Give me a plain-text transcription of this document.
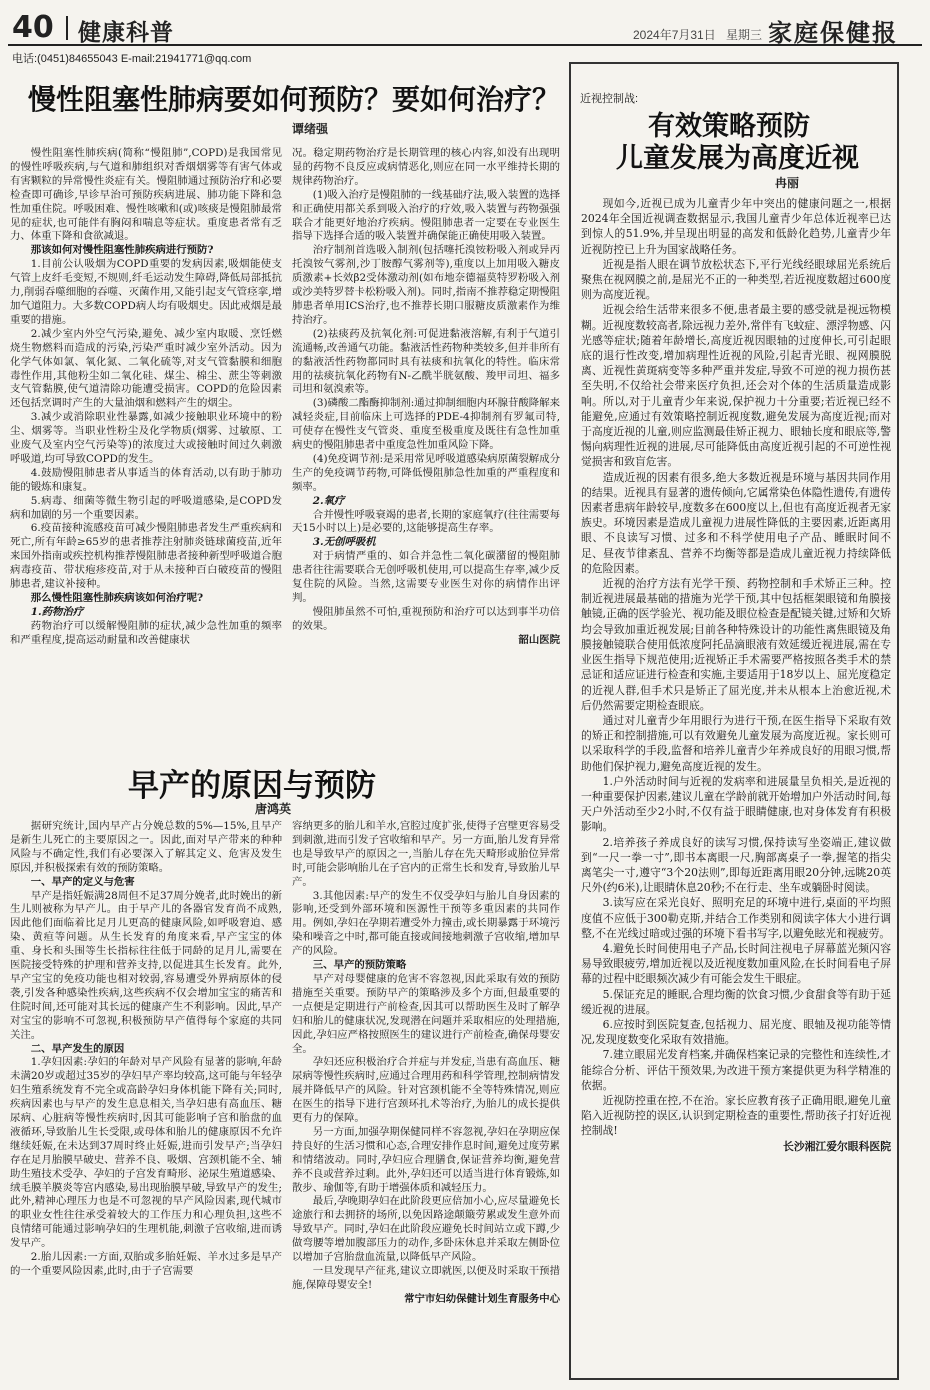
40 健康科普	2024年7月31日 星期三 家庭保健报
电话:(0451)84655043 E-mail:21941771@qq.com
慢性阻塞性肺病要如何预防？要如何治疗？
谭绪强

慢性阻塞性肺疾病(简称“慢阻肺”,COPD)是我国常见的慢性呼吸疾病,与气道和肺组织对香烟烟雾等有害气体或有害颗粒的异常慢性炎症有关。慢阻肺通过预防治疗和必要检查即可确诊,早诊早治可预防疾病进展、肺功能下降和急性加重住院。呼吸困难、慢性咳嗽和(或)咳痰是慢阻肺最常见的症状,也可能伴有胸闷和喘息等症状。重度患者常有乏力、体重下降和食欲减退。

那该如何对慢性阻塞性肺疾病进行预防?

1.目前公认吸烟为COPD重要的发病因素,吸烟能使支气管上皮纤毛变短,不规则,纤毛运动发生障碍,降低局部抵抗力,削弱吞噬细胞的吞噬、灭菌作用,又能引起支气管痉挛,增加气道阻力。大多数COPD病人均有吸烟史。因此戒烟是最重要的措施。

2.减少室内外空气污染,避免、减少室内取暖、烹饪燃烧生物燃料而造成的污染,污染严重时减少室外活动。因为化学气体如氯、氧化氮、二氧化硫等,对支气管黏膜和细胞毒性作用,其他粉尘如二氧化硅、煤尘、棉尘、蔗尘等刺激支气管黏膜,使气道清除功能遭受损害。COPD的危险因素还包括烹调时产生的大量油烟和燃料产生的烟尘。

3.减少或消除职业性暴露,如减少接触职业环境中的粉尘、烟雾等。当职业性粉尘及化学物质(烟雾、过敏原、工业废气及室内空气污染等)的浓度过大或接触时间过久刺激呼吸道,均可导致COPD的发生。

4.鼓励慢阻肺患者从事适当的体育活动,以有助于肺功能的锻炼和康复。

5.病毒、细菌等微生物引起的呼吸道感染,是COPD发病和加剧的另一个重要因素。

6.疫苗接种流感疫苗可减少慢阻肺患者发生严重疾病和死亡,所有年龄≥65岁的患者推荐注射肺炎链球菌疫苗,近年来国外指南或疾控机构推荐慢阻肺患者接种新型呼吸道合胞病毒疫苗、带状疱疹疫苗,对于从未接种百白破疫苗的慢阻肺患者,建议补接种。

那么慢性阻塞性肺疾病该如何治疗呢?

1.药物治疗

药物治疗可以缓解慢阻肺的症状,减少急性加重的频率和严重程度,提高运动耐量和改善健康状

况。稳定期药物治疗是长期管理的核心内容,如没有出现明显的药物不良反应或病情恶化,则应在同一水平维持长期的规律药物治疗。

(1)吸入治疗是慢阻肺的一线基础疗法,吸入装置的选择和正确使用都关系到吸入治疗的疗效,吸入装置与药物强强联合才能更好地治疗疾病。慢阻肺患者一定要在专业医生指导下选择合适的吸入装置并确保能正确使用吸入装置。

治疗制剂首选吸入制剂(包括噻托溴铵粉吸入剂或异丙托溴铵气雾剂,沙丁胺醇气雾剂等),重度以上加用吸入糖皮质激素+长效β2受体激动剂(如布地奈德福莫特罗粉吸入剂或沙美特罗替卡松粉吸入剂)。同时,指南不推荐稳定期慢阻肺患者单用ICS治疗,也不推荐长期口服糖皮质激素作为维持治疗。

(2)祛痰药及抗氧化剂:可促进黏液溶解,有利于气道引流通畅,改善通气功能。黏液活性药物种类较多,但并非所有的黏液活性药物都同时具有祛痰和抗氧化的特性。临床常用的祛痰抗氧化药物有N-乙酰半胱氨酸、羧甲司坦、福多司坦和氨溴索等。

(3)磷酸二酯酶抑制剂:通过抑制细胞内环腺苷酸降解来减轻炎症,目前临床上可选择的PDE-4抑制剂有罗氟司特,可使存在慢性支气管炎、重度至极重度及既往有急性加重病史的慢阻肺患者中重度急性加重风险下降。

(4)免疫调节剂:是采用常见呼吸道感染病原菌裂解成分生产的免疫调节药物,可降低慢阻肺急性加重的严重程度和频率。

2.氧疗

合并慢性呼吸衰竭的患者,长期的家庭氧疗(往往需要每天15小时以上)是必要的,这能够提高生存率。

3.无创呼吸机

对于病情严重的、如合并急性二氧化碳潴留的慢阻肺患者往往需要联合无创呼吸机使用,可以提高生存率,减少反复住院的风险。当然,这需要专业医生对你的病情作出评判。

慢阻肺虽然不可怕,重视预防和治疗可以达到事半功倍的效果。

韶山医院

早产的原因与预防
唐鸿英

据研究统计,国内早产占分娩总数的5%—15%,且早产是新生儿死亡的主要原因之一。因此,面对早产带来的种种风险与不确定性,我们有必要深入了解其定义、危害及发生原因,并积极探索有效的预防策略。

一、早产的定义与危害

早产是指妊娠满28周但不足37周分娩者,此时娩出的新生儿则被称为早产儿。由于早产儿的各器官发育尚不成熟,因此他们面临着比足月儿更高的健康风险,如呼吸窘迫、感染、黄疸等问题。从生长发育的角度来看,早产宝宝的体重、身长和头围等生长指标往往低于同龄的足月儿,需要在医院接受特殊的护理和营养支持,以促进其生长发育。此外,早产宝宝的免疫功能也相对较弱,容易遭受外界病原体的侵袭,引发各种感染性疾病,这些疾病不仅会增加宝宝的痛苦和住院时间,还可能对其长远的健康产生不利影响。因此,早产对宝宝的影响不可忽视,积极预防早产值得每个家庭的共同关注。

二、早产发生的原因

1.孕妇因素:孕妇的年龄对早产风险有显著的影响,年龄未满20岁或超过35岁的孕妇早产率均较高,这可能与年轻孕妇生殖系统发育不完全或高龄孕妇身体机能下降有关;同时,疾病因素也与早产的发生息息相关,当孕妇患有高血压、糖尿病、心脏病等慢性疾病时,因其可能影响子宫和胎盘的血液循环,导致胎儿生长受限,或母体和胎儿的健康原因不允许继续妊娠,在未达到37周时终止妊娠,进而引发早产;当孕妇存在足月胎膜早破史、营养不良、吸烟、宫颈机能不全、辅助生殖技术受孕、孕妇的子宫发育畸形、泌尿生殖道感染、绒毛膜羊膜炎等宫内感染,易出现胎膜早破,导致早产的发生;此外,精神心理压力也是不可忽视的早产风险因素,现代城市的职业女性往往承受着较大的工作压力和心理负担,这些不良情绪可能通过影响孕妇的生理机能,刺激子宫收缩,进而诱发早产。

2.胎儿因素:一方面,双胎或多胎妊娠、羊水过多是早产的一个重要风险因素,此时,由于子宫需要

容纳更多的胎儿和羊水,宫腔过度扩张,使得子宫壁更容易受到刺激,进而引发子宫收缩和早产。另一方面,胎儿发育异常也是导致早产的原因之一,当胎儿存在先天畸形或胎位异常时,可能会影响胎儿在子宫内的正常生长和发育,导致胎儿早产。

3.其他因素:早产的发生不仅受孕妇与胎儿自身因素的影响,还受到外部环境和医源性干预等多重因素的共同作用。例如,孕妇在孕期若遭受外力撞击,或长期暴露于环境污染和噪音之中时,都可能直接或间接地刺激子宫收缩,增加早产的风险。

三、早产的预防策略

早产对母婴健康的危害不容忽视,因此采取有效的预防措施至关重要。预防早产的策略涉及多个方面,但最重要的一点便是定期进行产前检查,因其可以帮助医生及时了解孕妇和胎儿的健康状况,发现潜在问题并采取相应的处理措施,因此,孕妇应严格按照医生的建议进行产前检查,确保母婴安全。

孕妇还应积极治疗合并症与并发症,当患有高血压、糖尿病等慢性疾病时,应通过合理用药和科学管理,控制病情发展并降低早产的风险。针对宫颈机能不全等特殊情况,则应在医生的指导下进行宫颈环扎术等治疗,为胎儿的成长提供更有力的保障。

另一方面,加强孕期保健同样不容忽视,孕妇在孕期应保持良好的生活习惯和心态,合理安排作息时间,避免过度劳累和情绪波动。同时,孕妇应合理膳食,保证营养均衡,避免营养不良或营养过剩。此外,孕妇还可以适当进行体育锻炼,如散步、瑜伽等,有助于增强体质和减轻压力。

最后,孕晚期孕妇在此阶段更应倍加小心,应尽量避免长途旅行和去拥挤的场所,以免因路途颠簸劳累或发生意外而导致早产。同时,孕妇在此阶段应避免长时间站立或下蹲,少做弯腰等增加腹部压力的动作,多卧床休息并采取左侧卧位以增加子宫胎盘血流量,以降低早产风险。

一旦发现早产征兆,建议立即就医,以便及时采取干预措施,保障母婴安全!

常宁市妇幼保健计划生育服务中心

近视控制战:
有效策略预防
儿童发展为高度近视
冉丽

现如今,近视已成为儿童青少年中突出的健康问题之一,根据2024年全国近视调查数据显示,我国儿童青少年总体近视率已达到惊人的51.9%,并呈现出明显的高发和低龄化趋势,儿童青少年近视防控已上升为国家战略任务。

近视是指人眼在调节放松状态下,平行光线经眼球屈光系统后聚焦在视网膜之前,是屈光不正的一种类型,若近视度数超过600度则为高度近视。

近视会给生活带来很多不便,患者最主要的感受就是视远物模糊。近视度数较高者,除远视力差外,常伴有飞蚊症、漂浮物感、闪光感等症状;随着年龄增长,高度近视因眼轴的过度伸长,可引起眼底的退行性改变,增加病理性近视的风险,引起青光眼、视网膜脱离、近视性黄斑病变等多种严重并发症,导致不可逆的视力损伤甚至失明,不仅给社会带来医疗负担,还会对个体的生活质量造成影响。所以,对于儿童青少年来说,保护视力十分重要;若近视已经不能避免,应通过有效策略控制近视度数,避免发展为高度近视;而对于高度近视的儿童,则应监测最佳矫正视力、眼轴长度和眼底等,警惕向病理性近视的进展,尽可能降低由高度近视引起的不可逆性视觉损害和致盲危害。

造成近视的因素有很多,绝大多数近视是环境与基因共同作用的结果。近视具有显著的遗传倾向,它属常染色体隐性遗传,有遗传因素者患病年龄较早,度数多在600度以上,但也有高度近视者无家族史。环境因素是造成儿童视力进展性降低的主要因素,近距离用眼、不良读写习惯、过多和不科学使用电子产品、睡眠时间不足、昼夜节律紊乱、营养不均衡等都是造成儿童近视力持续降低的危险因素。

近视的治疗方法有光学干预、药物控制和手术矫正三种。控制近视进展最基础的措施为光学干预,其中包括框架眼镜和角膜接触镜,正确的医学验光、视功能及眼位检查是配镜关键,过矫和欠矫均会导致加重近视发展;目前各种特殊设计的功能性离焦眼镜及角膜接触镜联合使用低浓度阿托品滴眼液有效延缓近视进展,需在专业医生指导下规范使用;近视矫正手术需要严格按照各类手术的禁忌证和适应证进行检查和实施,主要适用于18岁以上、屈光度稳定的近视人群,但手术只是矫正了屈光度,并未从根本上治愈近视,术后仍然需要定期检查眼底。

通过对儿童青少年用眼行为进行干预,在医生指导下采取有效的矫正和控制措施,可以有效避免儿童发展为高度近视。家长则可以采取科学的手段,监督和培养儿童青少年养成良好的用眼习惯,帮助他们保护视力,避免高度近视的发生。

1.户外活动时间与近视的发病率和进展量呈负相关,是近视的一种重要保护因素,建议儿童在学龄前就开始增加户外活动时间,每天户外活动至少2小时,不仅有益于眼睛健康,也对身体发育有积极影响。

2.培养孩子养成良好的读写习惯,保持读写坐姿端正,建议做到“一尺一拳一寸”,即书本离眼一尺,胸部离桌子一拳,握笔的指尖离笔尖一寸,遵守“3个20法则”,即每近距离用眼20分钟,远眺20英尺外(约6米),让眼睛休息20秒;不在行走、坐车或躺卧时阅读。

3.读写应在采光良好、照明充足的环境中进行,桌面的平均照度值不应低于300勒克斯,并结合工作类别和阅读字体大小进行调整,不在光线过暗或过强的环境下看书写字,以避免眩光和视疲劳。

4.避免长时间使用电子产品,长时间注视电子屏幕蓝光频闪容易导致眼疲劳,增加近视以及近视度数加重风险,在长时间看电子屏幕的过程中眨眼频次减少有可能会发生干眼症。

5.保证充足的睡眠,合理均衡的饮食习惯,少食甜食等有助于延缓近视的进展。

6.应按时到医院复查,包括视力、屈光度、眼轴及视功能等情况,发现度数变化采取有效措施。

7.建立眼屈光发育档案,并确保档案记录的完整性和连续性,才能综合分析、评估干预效果,为改进干预方案提供更为科学精准的依据。

近视防控重在控,不在治。家长应教育孩子正确用眼,避免儿童陷入近视防控的误区,认识到定期检查的重要性,帮助孩子打好近视控制战!

长沙湘江爱尔眼科医院
